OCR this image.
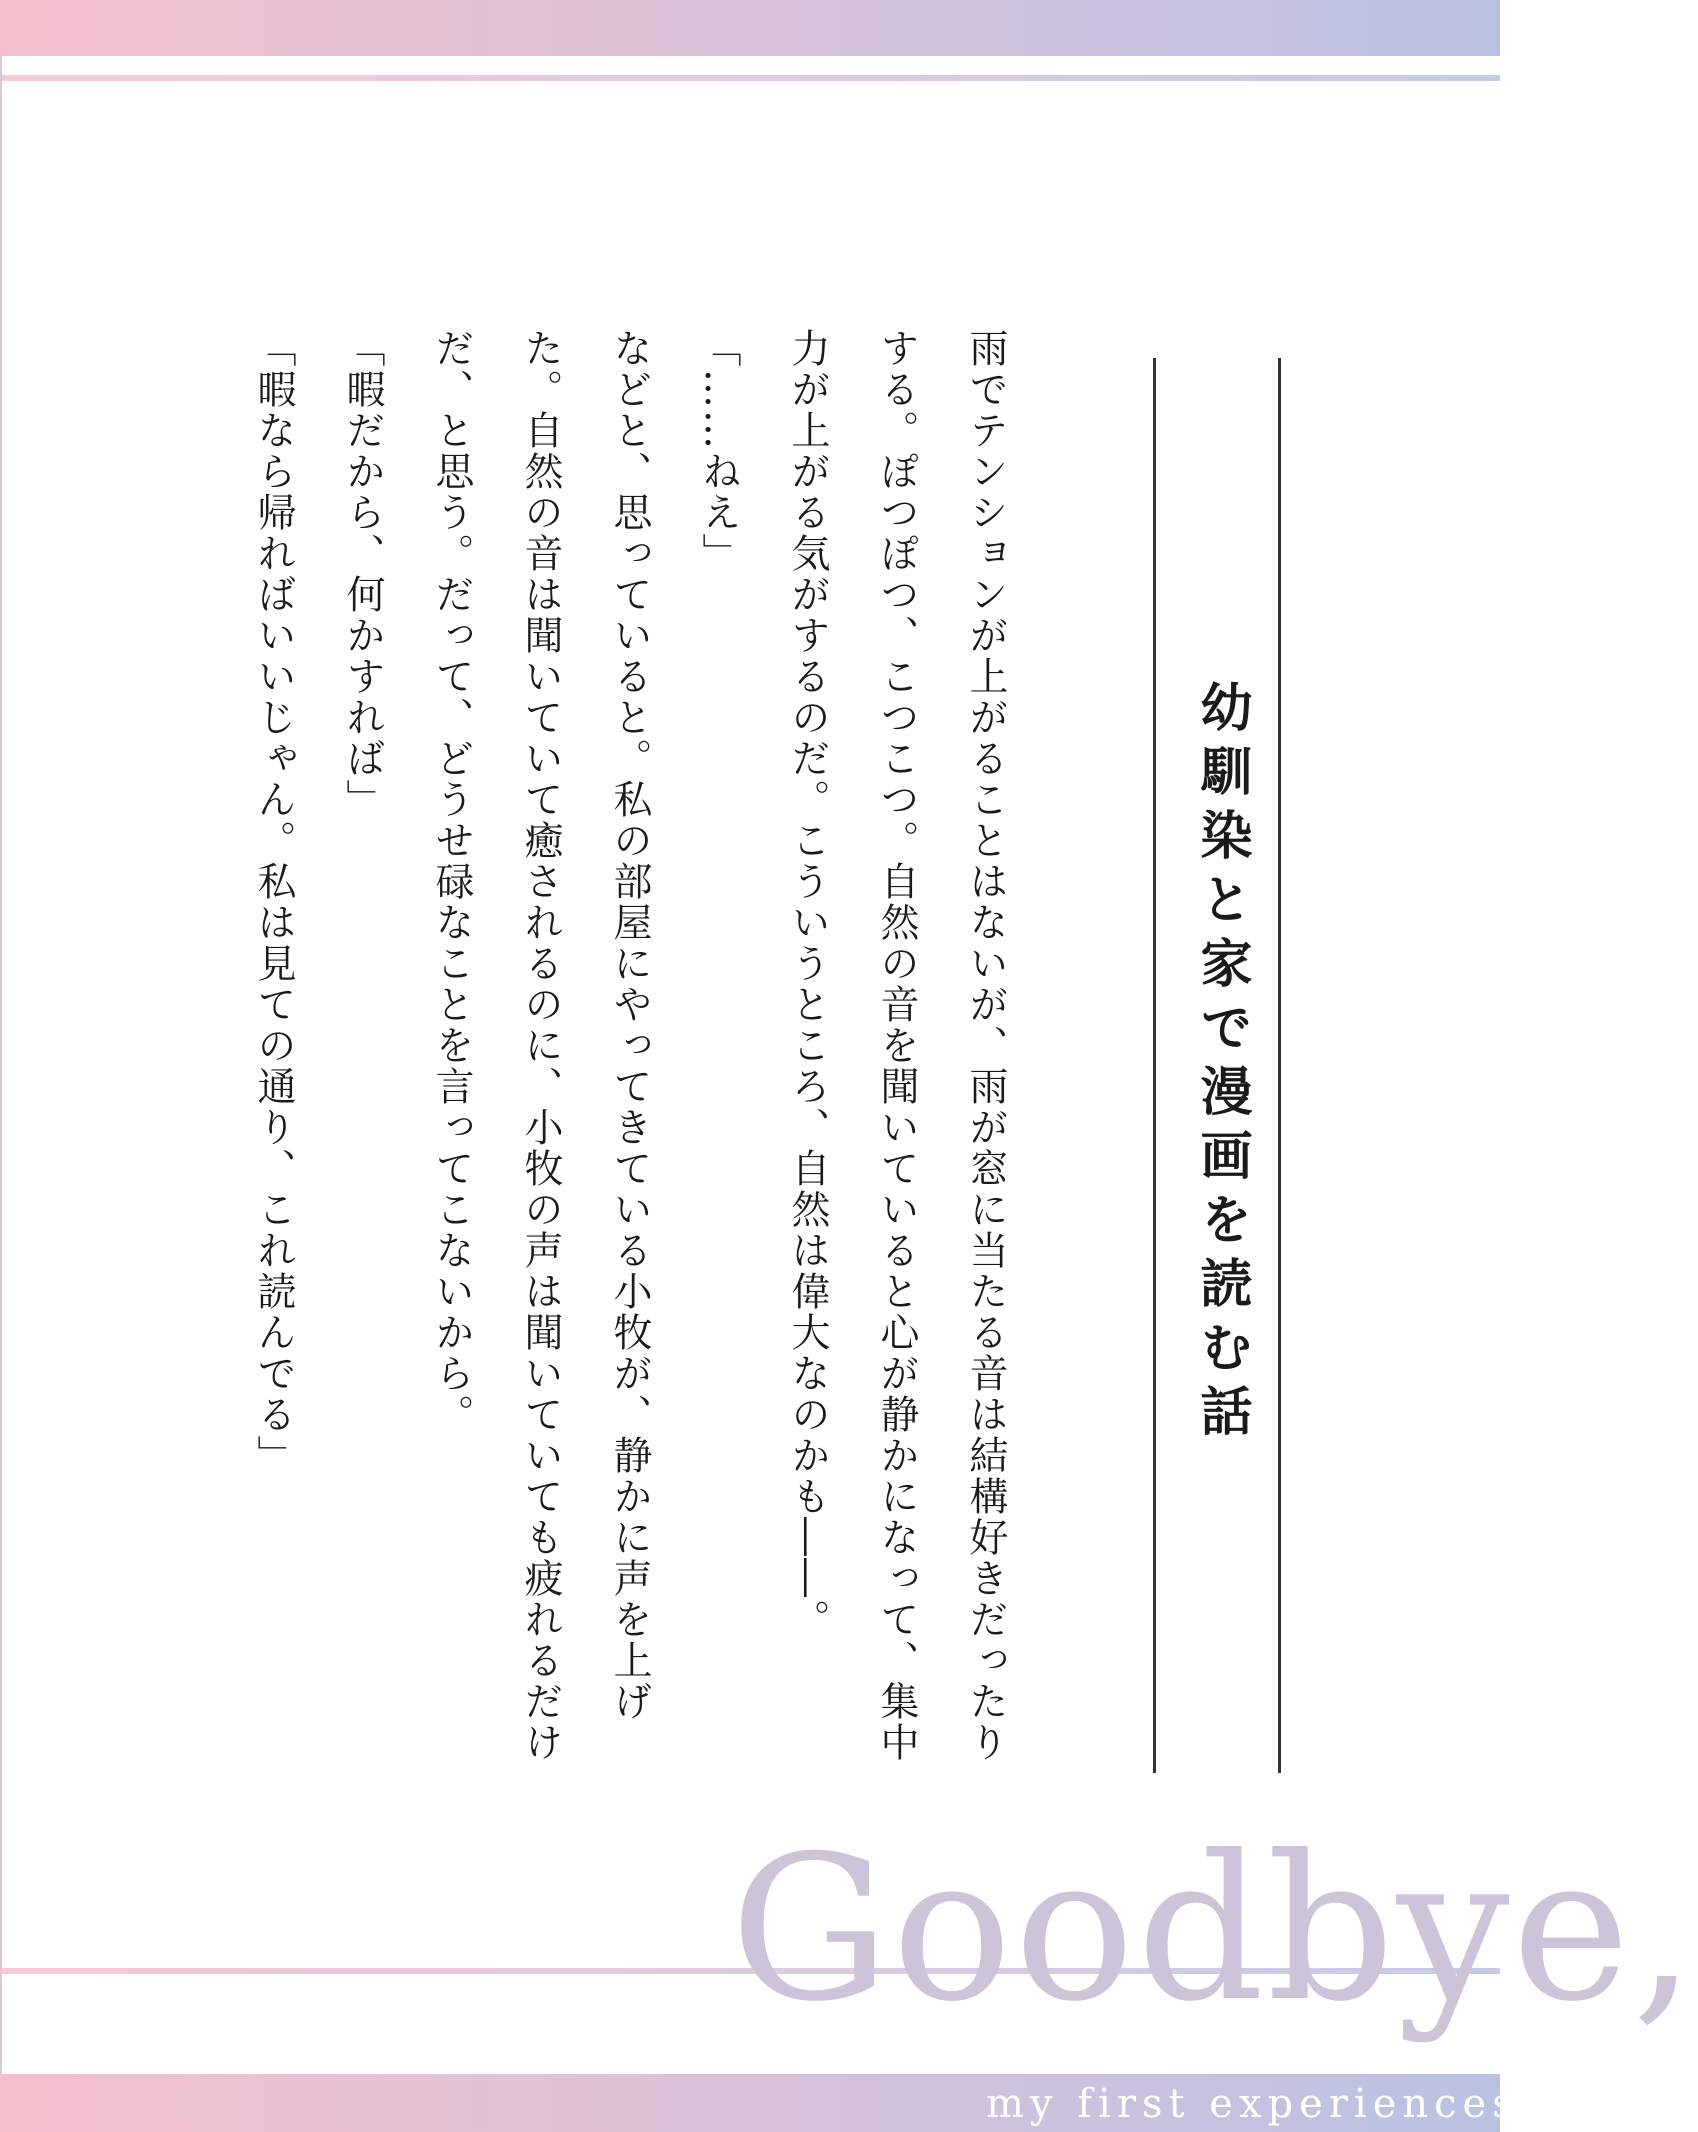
幼馴染と家で漫画を読む話

雨でテンションが上がることはないが、雨が窓に当たる音は結構好きだったりする。ぽつぽつ、こつこつ。自然の音を聞いていると心が静かになって、集中力が上がる気がするのだ。こういうところ、自然は偉大なのかも――。

「……ねえ」

などと、思っていると。私の部屋にやってきている小牧が、静かに声を上げた。自然の音は聞いていて癒されるのに、小牧の声は聞いていても疲れるだけだ、と思う。だって、どうせ碌なことを言ってこないから。

「暇だから、何かすれば」

「暇なら帰ればいいじゃん。私は見ての通り、これ読んでる」

Goodbye,

my first experiences.
